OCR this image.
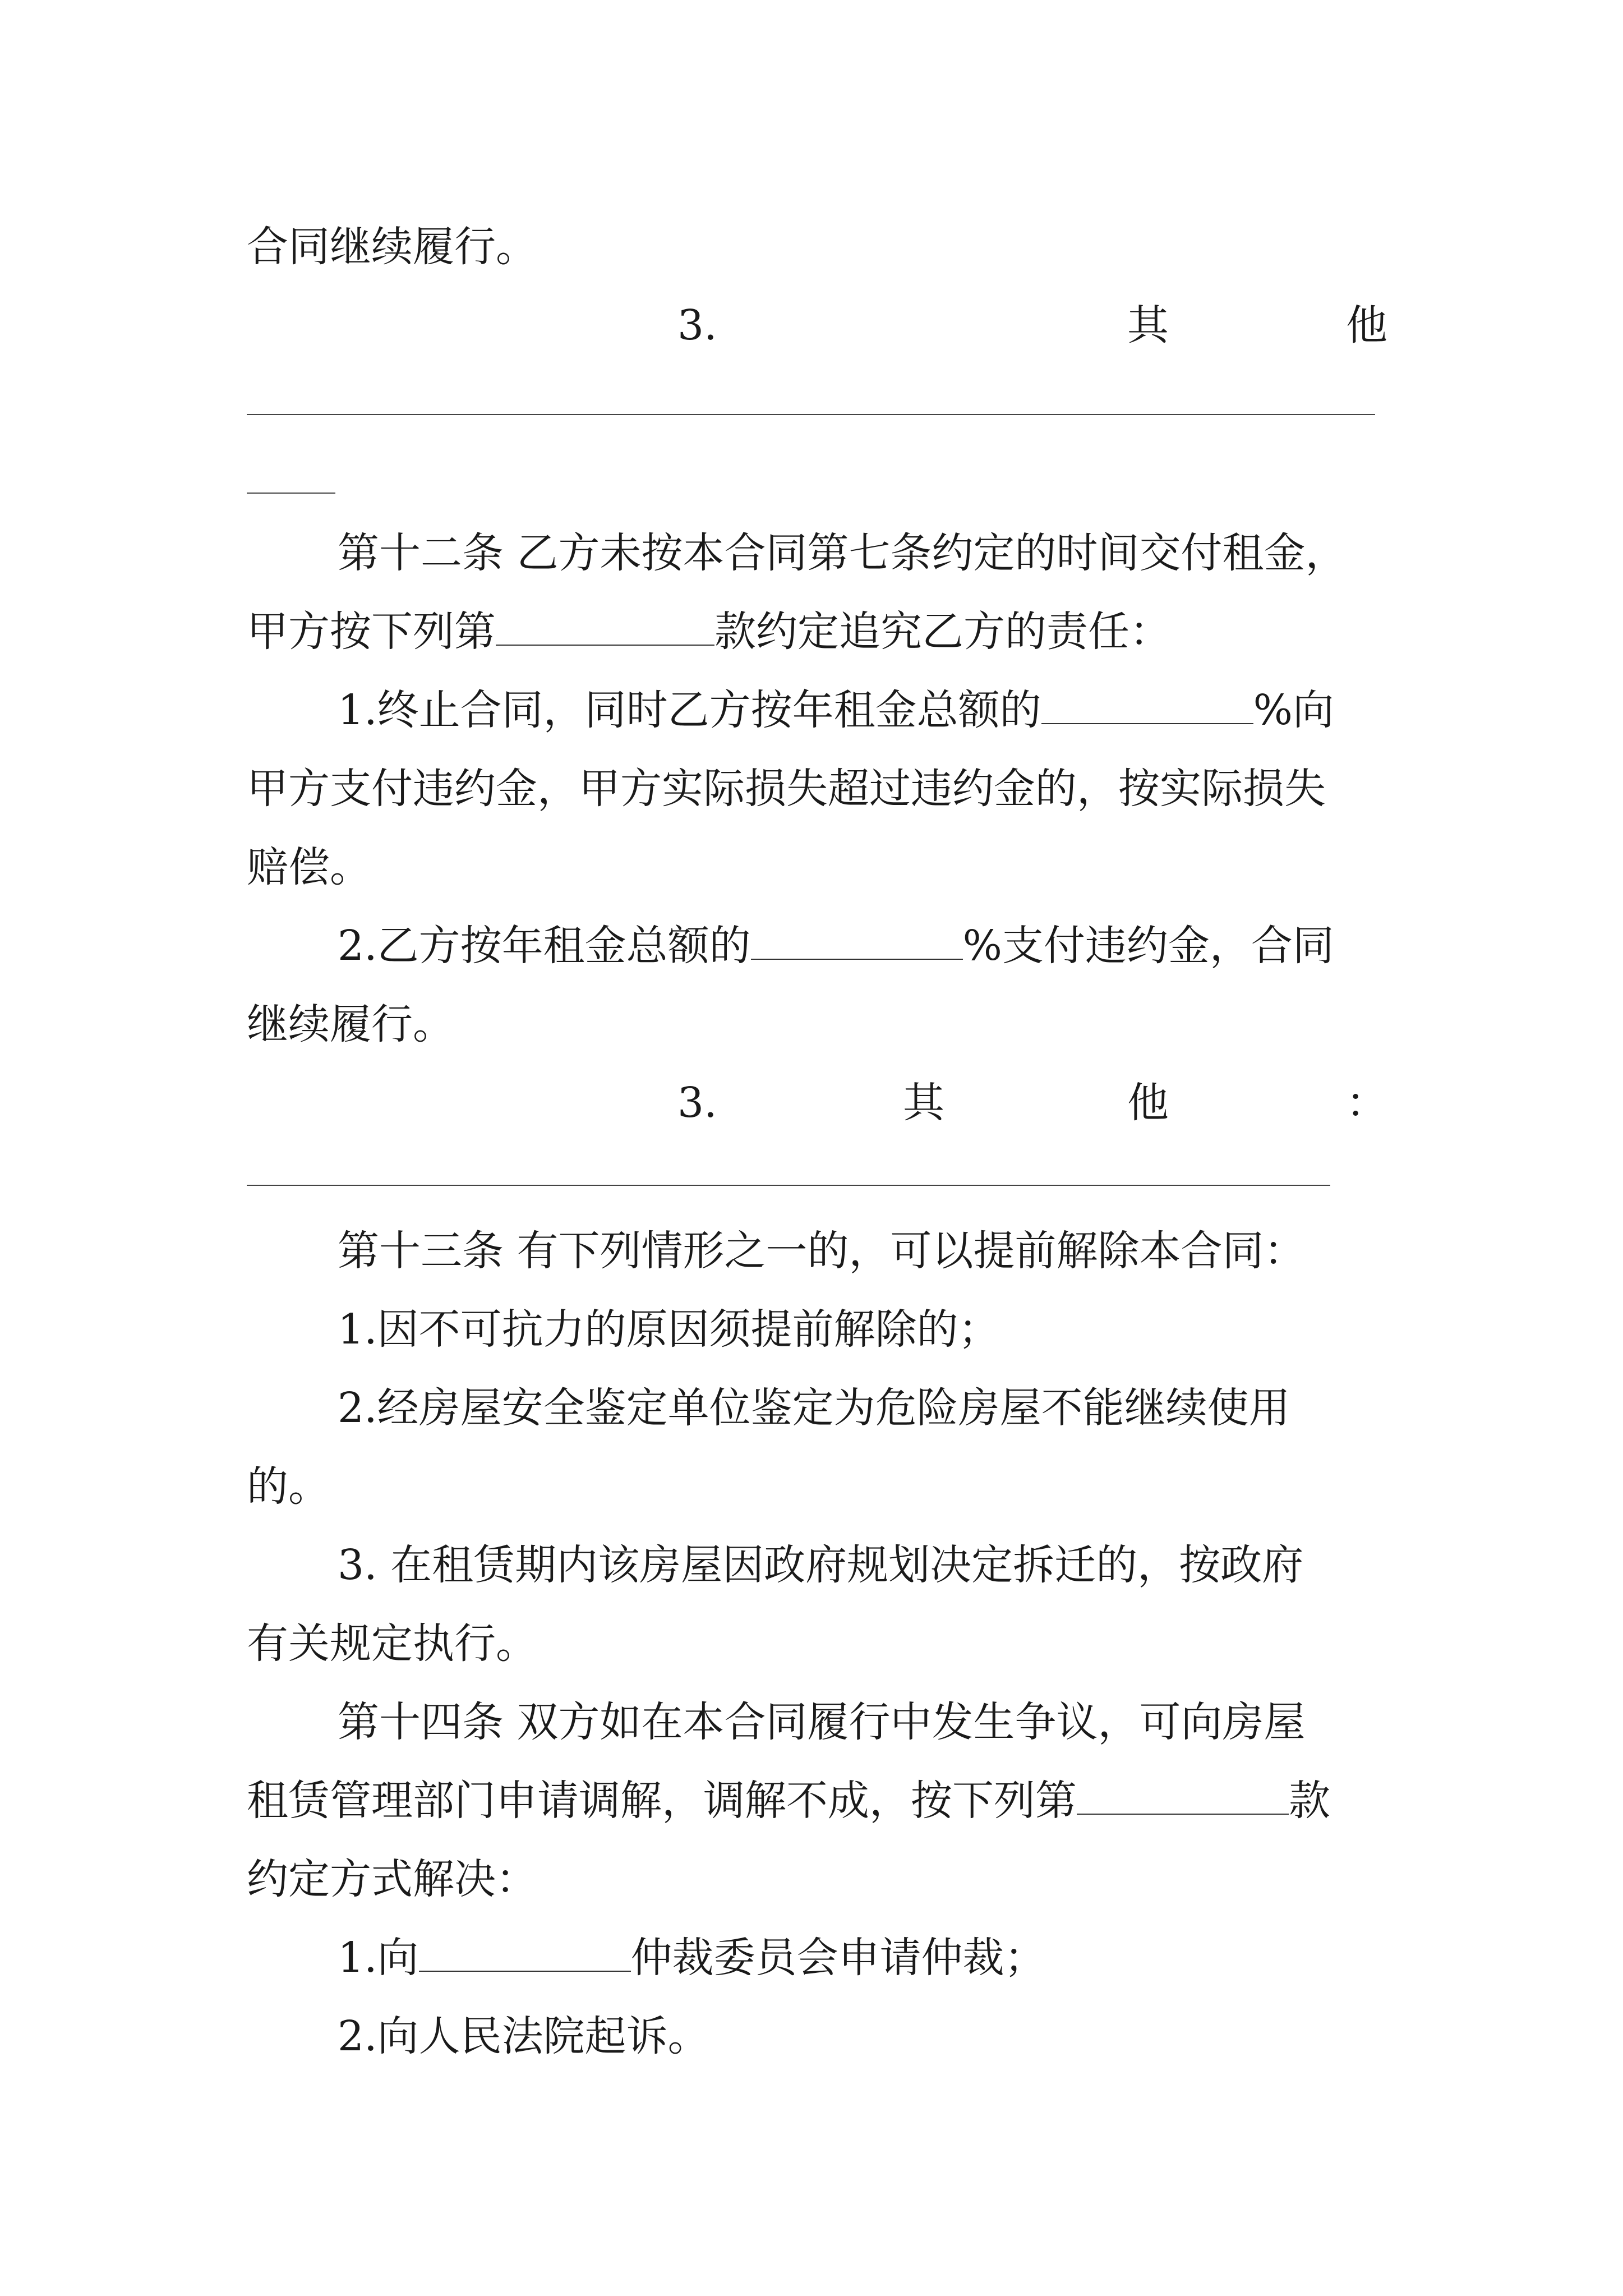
合同继续履行。
3.	其	他
第十二条 乙方未按本合同第七条约定的时间交付租金，
甲方按下列第	款约定追究乙方的责任：
1.终止合同，同时乙方按年租金总额的	%向
甲方支付违约金，甲方实际损失超过违约金的，按实际损失
赔偿。
2.乙方按年租金总额的	%支付违约金，合同
继续履行。
3.	其	他	：
第十三条 有下列情形之一的，可以提前解除本合同：
1.因不可抗力的原因须提前解除的；
2.经房屋安全鉴定单位鉴定为危险房屋不能继续使用
的。
3. 在租赁期内该房屋因政府规划决定拆迁的，按政府
有关规定执行。
第十四条 双方如在本合同履行中发生争议，可向房屋
租赁管理部门申请调解，调解不成，按下列第	款
约定方式解决：
1.向	仲裁委员会申请仲裁；
2.向人民法院起诉。
